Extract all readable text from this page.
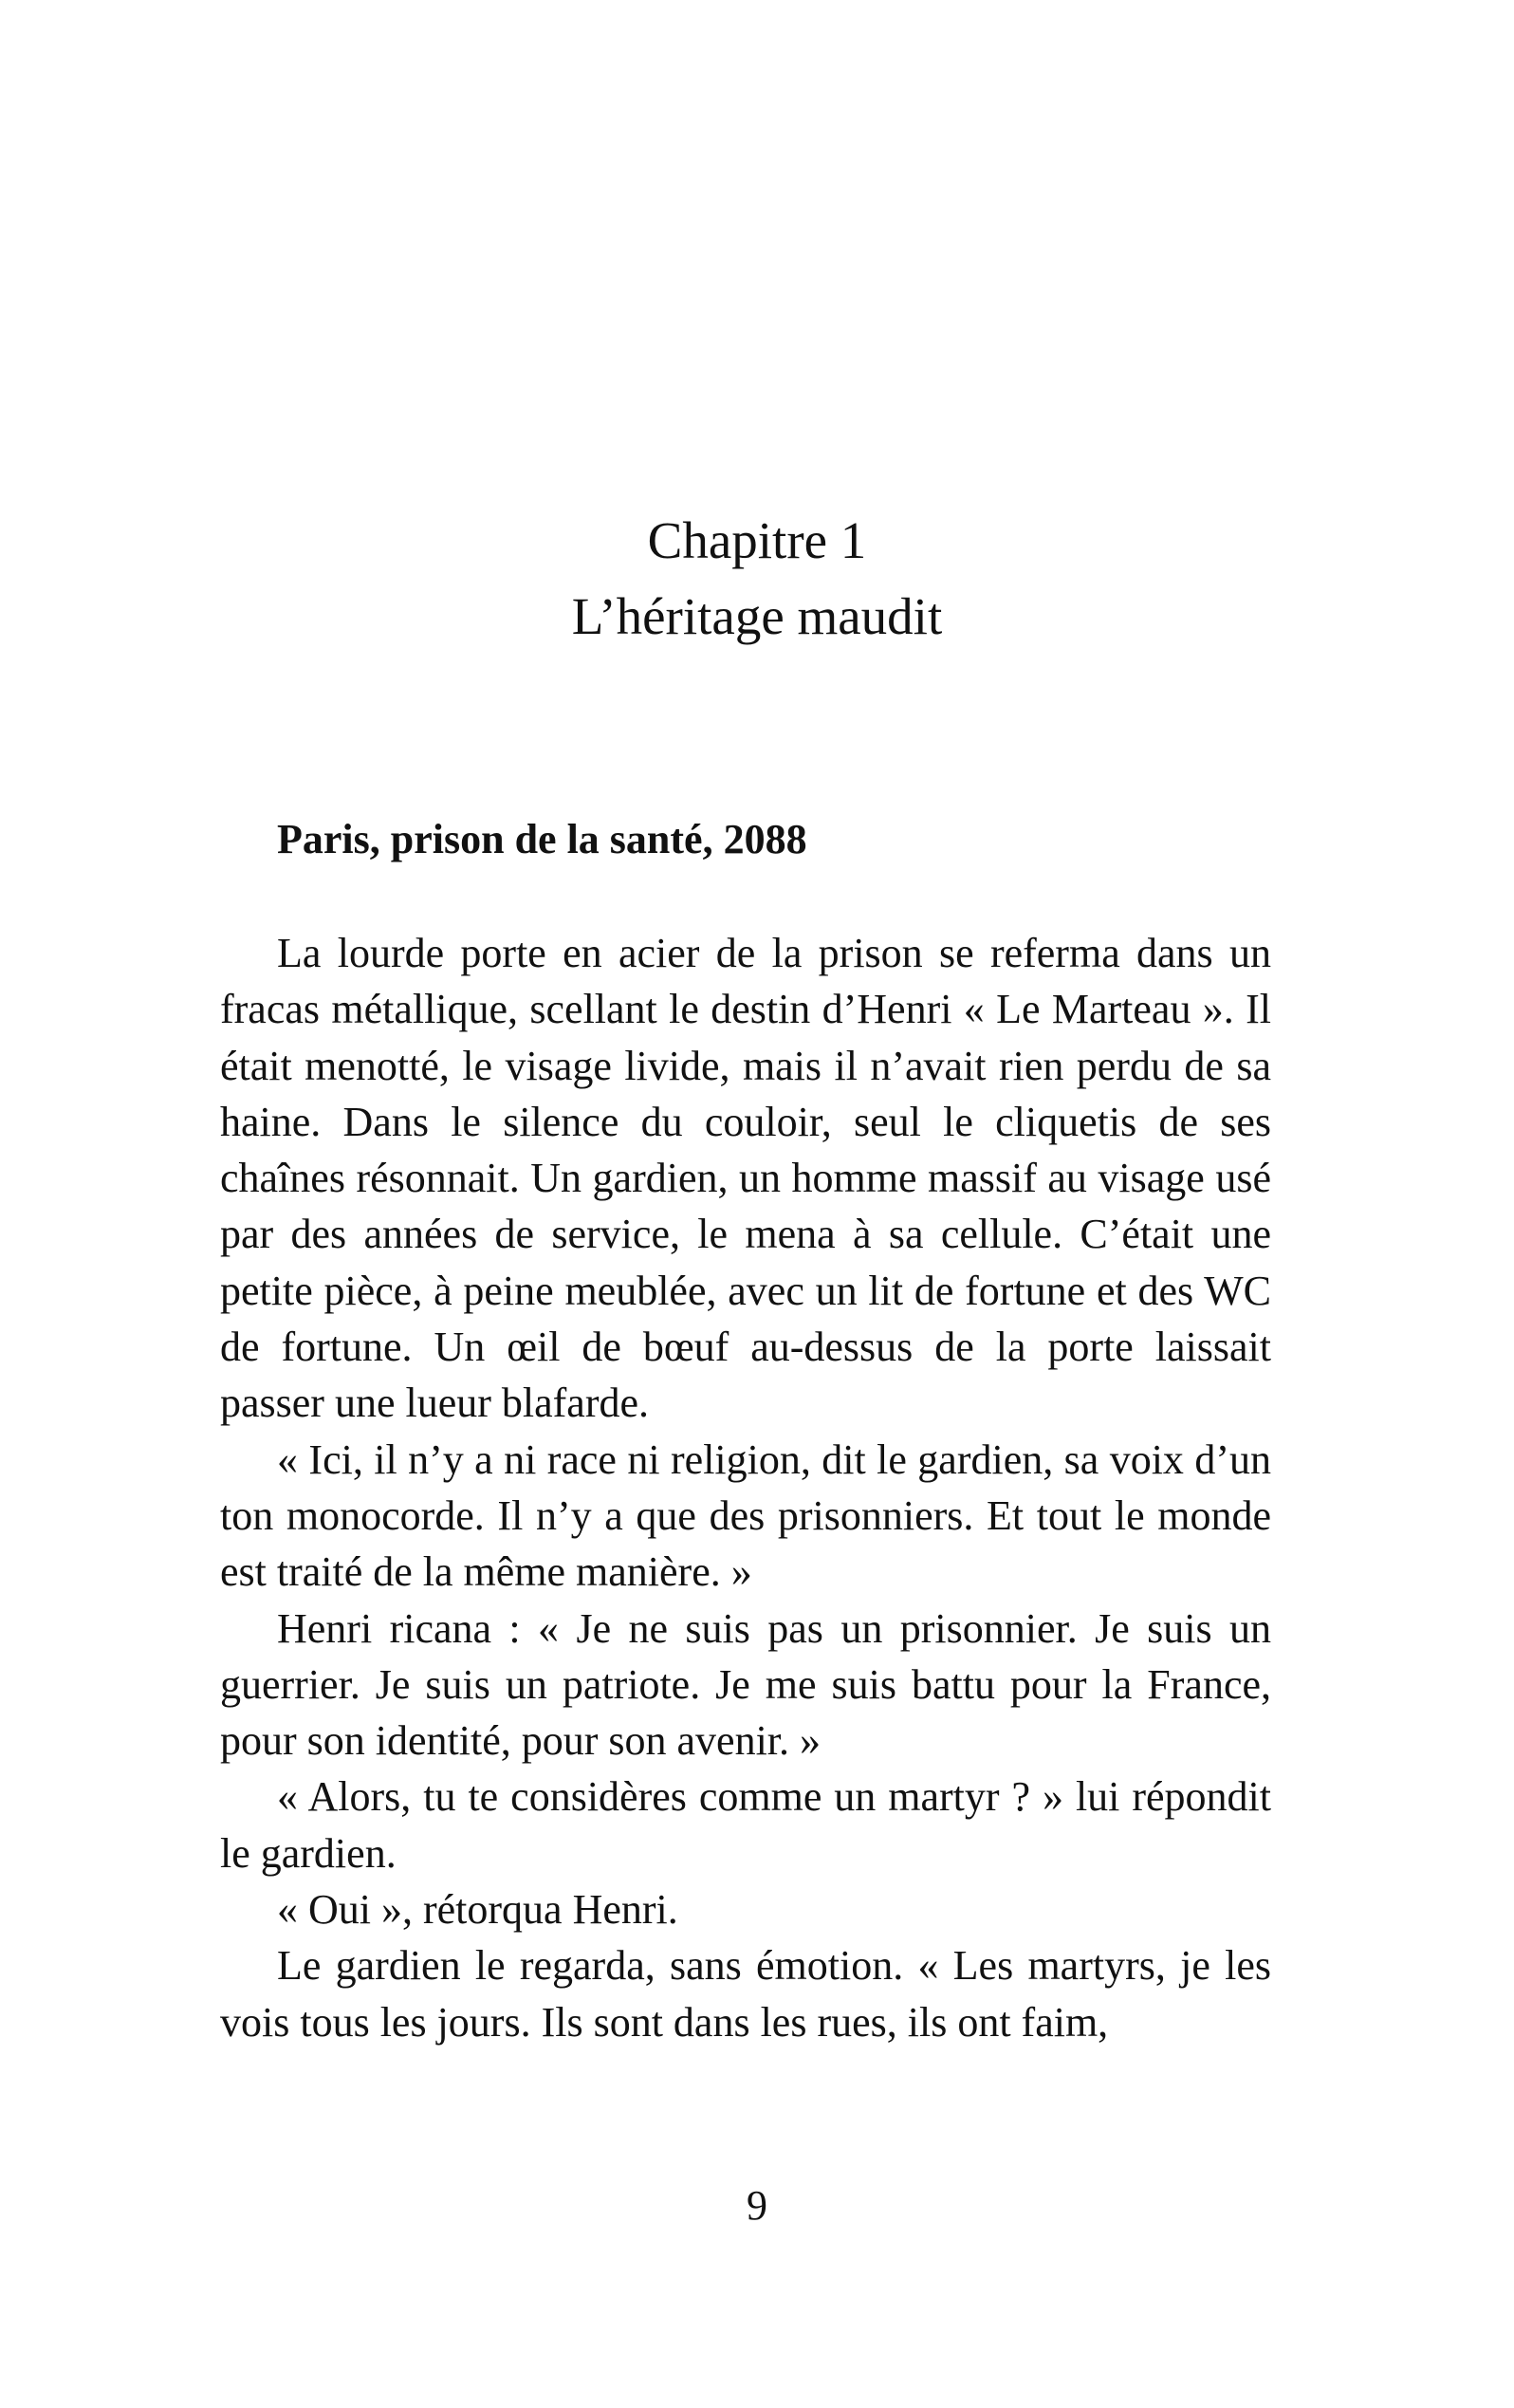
Chapitre 1
L’héritage maudit
Paris, prison de la santé, 2088

La lourde porte en acier de la prison se referma dans un fracas métallique, scellant le destin d’Henri « Le Marteau ». Il était menotté, le visage livide, mais il n’avait rien perdu de sa haine. Dans le silence du couloir, seul le cliquetis de ses chaînes résonnait. Un gardien, un homme massif au visage usé par des années de service, le mena à sa cellule. C’était une petite pièce, à peine meublée, avec un lit de fortune et des WC de fortune. Un œil de bœuf au-dessus de la porte laissait passer une lueur blafarde.

« Ici, il n’y a ni race ni religion, dit le gardien, sa voix d’un ton monocorde. Il n’y a que des prisonniers. Et tout le monde est traité de la même manière. »

Henri ricana : « Je ne suis pas un prisonnier. Je suis un guerrier. Je suis un patriote. Je me suis battu pour la France, pour son identité, pour son avenir. »

« Alors, tu te considères comme un martyr ? » lui répondit le gardien.

« Oui », rétorqua Henri.

Le gardien le regarda, sans émotion. « Les martyrs, je les vois tous les jours. Ils sont dans les rues, ils ont faim,

9
